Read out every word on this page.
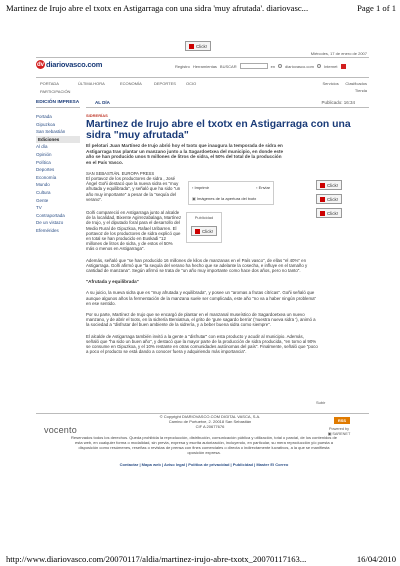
Martinez de Irujo abre el txotx en Astigarraga con una sidra 'muy afrutada'. diariovasc...	Page 1 of 1
Click!
Miércoles, 17 de enero de 2007
dv diariovasco.com	Registro Herramientas BUSCAR	en	diariovasco.com	Internet
PORTADA	ÚLTIMA HORA	ECONOMÍA	DEPORTES	OCIO
PARTICIPACIÓN
Servicios Clasificados
Tienda
EDICIÓN IMPRESA
Portada
Gipuzkoa
San Sebastián
Ediciones
Al día
Opinión
Política
Deportes
Economía
Mundo
Cultura
Gente
TV
Contraportada
De un vistazo
Efemérides
AL DÍA	Publicado: 16:34
SIDRERÍAS
Martinez de Irujo abre el txotx en Astigarraga con una sidra "muy afrutada"
El pelotari Juan Martínez de Irujo abrió hoy el txotx que inaugura la temporada de sidra en Astigarraga tras plantar un manzano junto a la Sagardoetxea del municipio, en donde este año se han producido unos 5 millones de litros de sidra, el 50% del total de la producción en el País Vasco.
SAN SEBASTIÁN. EUROPA PRESS

El portavoz de los productores de sidra , José Ángel Goñi destacó que la nueva sidra es "muy afrutada y equilibrada", y señaló que ha sido "un año muy importante" a pesar de la "sequía del verano".

▪ Imprimir
▪	Enviar
▣ Imágenes de la apertura del txotx
Click!
Click!
Click!
Publicidad
Click!

Goñi compareció en Astigarraga junto al alcalde de la localidad, Bixente Agirrezabalaga, Martínez de Irujo, y el diputado foral para el desarrollo del Medio Rural de Gipuzkoa, Rafael Uribarren. El portavoz de los productores de sidra explicó que en total se han producido en Euskadi "12 millones de litros de sidra, y de estos el 50% más o menos en Astigarraga".

Además, señaló que "se han producido 16 millones de kilos de manzanas en el País vasco", de ellas "el 40%" en Astigarraga. Goñi afirmó que "la sequía del verano ha hecho que se adelante la cosecha, e influye en el tamaño y cantidad de manzana". Según afirmó se trata de "un año muy importante como hace dos años, pero no tanto".

"Afrutada y equilibrada"

A su juicio, la nueva sidra que es "muy afrutada y equilibrada", y posee un "aromas a frutas cítricas". Goñi señaló que aunque algunos años la fermentación de la manzana suele ser complicada, este año "no va a haber ningún problema" en ese sentido.

Por su parte, Martínez de Irujo que se encargó de plantar en el manzanal museístico de Sagardoetxea un nuevo manzano, y de abrir el txotx, en la sidrería Berxiatrua, el grito de 'gure sagardo berria' ('nuestra nueva sidra '), animó a la sociedad a "disfrutar del buen ambiente de la sidrería, y a beber buena sidra como siempre".

El alcalde de Astigarraga también invitó a la gente a "disfrutar" con esta producto y acudir al municipio. Además, señaló que "ha sido un buen año", y destacó que la mayor parte de la producción de sidra producida, "en torno al 90% se consume en Gipuzkoa, y el 10% restante en otras comunidades autónomas del país". Finalmente, señaló que "poco a poco el producto se está dando a conocer fuera y adquiriendo más importancia".

Subir
vocento
© Copyright DIARIOVASCO.COM DIGITAL VASCA, S.A.
Camino de Portuetxe, 2. 20018 San Sebastián
CIF A 20677676
RSS
Powered by
▣ SARENET
Reservados todos los derechos. Queda prohibida la reproducción, distribución, comunicación pública y utilización, total o parcial, de los contenidos de esta web, en cualquier forma o modalidad, sin previa, expresa y escrita autorización, incluyendo, en particular, su mera reproducción y/o puesta a disposición como resúmenes, reseñas o revistas de prensa con fines comerciales o directa o indirectamente lucrativos, a la que se manifiesta oposición expresa.
Contactar | Mapa web | Aviso legal | Política de privacidad | Publicidad | Master El Correo
http://www.diariovasco.com/20070117/aldia/martinez-irujo-abre-txotx_20070117163...	16/04/2010
